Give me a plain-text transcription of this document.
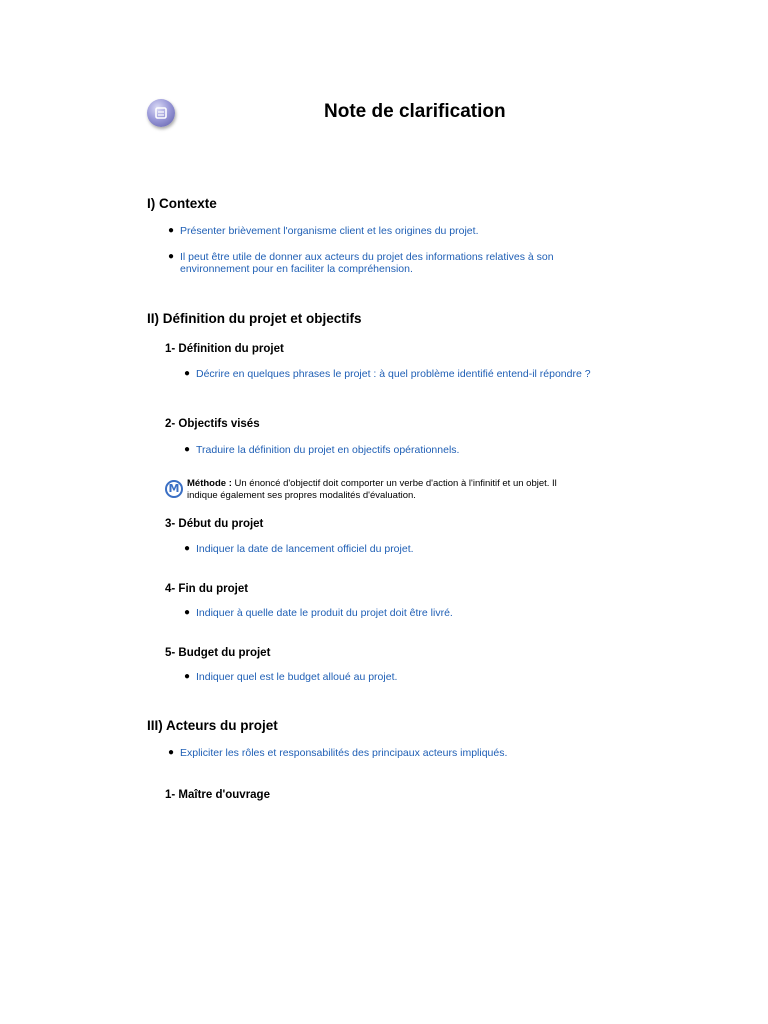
Note de clarification
I) Contexte
● Présenter brièvement l'organisme client et les origines du projet.
● Il peut être utile de donner aux acteurs du projet des informations relatives à son environnement pour en faciliter la compréhension.
II) Définition du projet et objectifs
1- Définition du projet
● Décrire en quelques phrases le projet : à quel problème identifié entend-il répondre ?
2- Objectifs visés
● Traduire la définition du projet en objectifs opérationnels.
M Méthode : Un énoncé d'objectif doit comporter un verbe d'action à l'infinitif et un objet. Il indique également ses propres modalités d'évaluation.
3- Début du projet
● Indiquer la date de lancement officiel du projet.
4- Fin du projet
● Indiquer à quelle date le produit du projet doit être livré.
5- Budget du projet
● Indiquer quel est le budget alloué au projet.
III) Acteurs du projet
● Expliciter les rôles et responsabilités des principaux acteurs impliqués.
1- Maître d'ouvrage
